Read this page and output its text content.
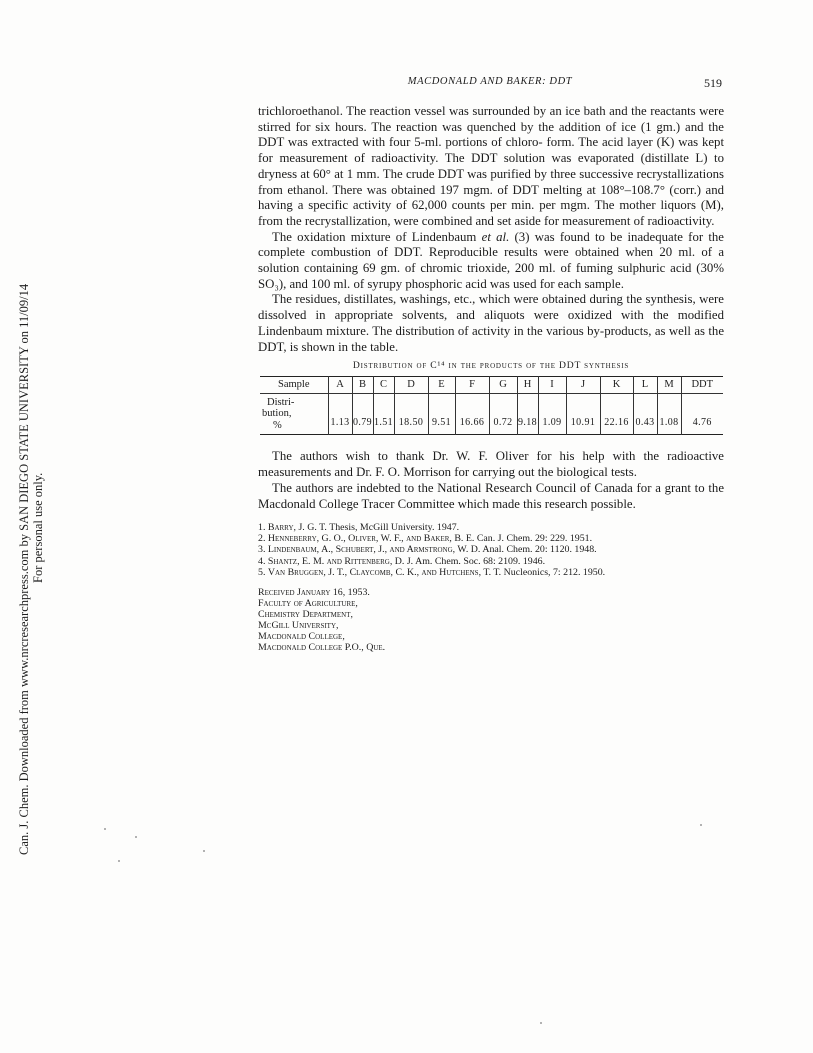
MACDONALD AND BAKER: DDT	519
Can. J. Chem. Downloaded from www.nrcresearchpress.com by SAN DIEGO STATE UNIVERSITY on 11/09/14 For personal use only.

trichloroethanol. The reaction vessel was surrounded by an ice bath and the reactants were stirred for six hours. The reaction was quenched by the addition of ice (1 gm.) and the DDT was extracted with four 5-ml. portions of chloro- form. The acid layer (K) was kept for measurement of radioactivity. The DDT solution was evaporated (distillate L) to dryness at 60° at 1 mm. The crude DDT was purified by three successive recrystallizations from ethanol. There was obtained 197 mgm. of DDT melting at 108°–108.7° (corr.) and having a specific activity of 62,000 counts per min. per mgm. The mother liquors (M), from the recrystallization, were combined and set aside for measurement of radioactivity.

The oxidation mixture of Lindenbaum et al. (3) was found to be inadequate for the complete combustion of DDT. Reproducible results were obtained when 20 ml. of a solution containing 69 gm. of chromic trioxide, 200 ml. of fuming sulphuric acid (30% SO₃), and 100 ml. of syrupy phosphoric acid was used for each sample.

The residues, distillates, washings, etc., which were obtained during the synthesis, were dissolved in appropriate solvents, and aliquots were oxidized with the modified Lindenbaum mixture. The distribution of activity in the various by-products, as well as the DDT, is shown in the table.

Distribution of C¹⁴ in the products of the DDT synthesis
Sample	A	B	C	D	E	F	G	H	I	J	K	L	M	DDT

Distri-
bution,
%	1.13	0.79	1.51	18.50	9.51	16.66	0.72	9.18	1.09	10.91	22.16	0.43	1.08	4.76

The authors wish to thank Dr. W. F. Oliver for his help with the radioactive measurements and Dr. F. O. Morrison for carrying out the biological tests.

The authors are indebted to the National Research Council of Canada for a grant to the Macdonald College Tracer Committee which made this research possible.

1. Barry, J. G. T. Thesis, McGill University. 1947.
2. Henneberry, G. O., Oliver, W. F., and Baker, B. E. Can. J. Chem. 29: 229. 1951.
3. Lindenbaum, A., Schubert, J., and Armstrong, W. D. Anal. Chem. 20: 1120. 1948.
4. Shantz, E. M. and Rittenberg, D. J. Am. Chem. Soc. 68: 2109. 1946.
5. Van Bruggen, J. T., Claycomb, C. K., and Hutchens, T. T. Nucleonics, 7: 212. 1950.
Received January 16, 1953.
Faculty of Agriculture,
Chemistry Department,
McGill University,
Macdonald College,
Macdonald College P.O., Que.
